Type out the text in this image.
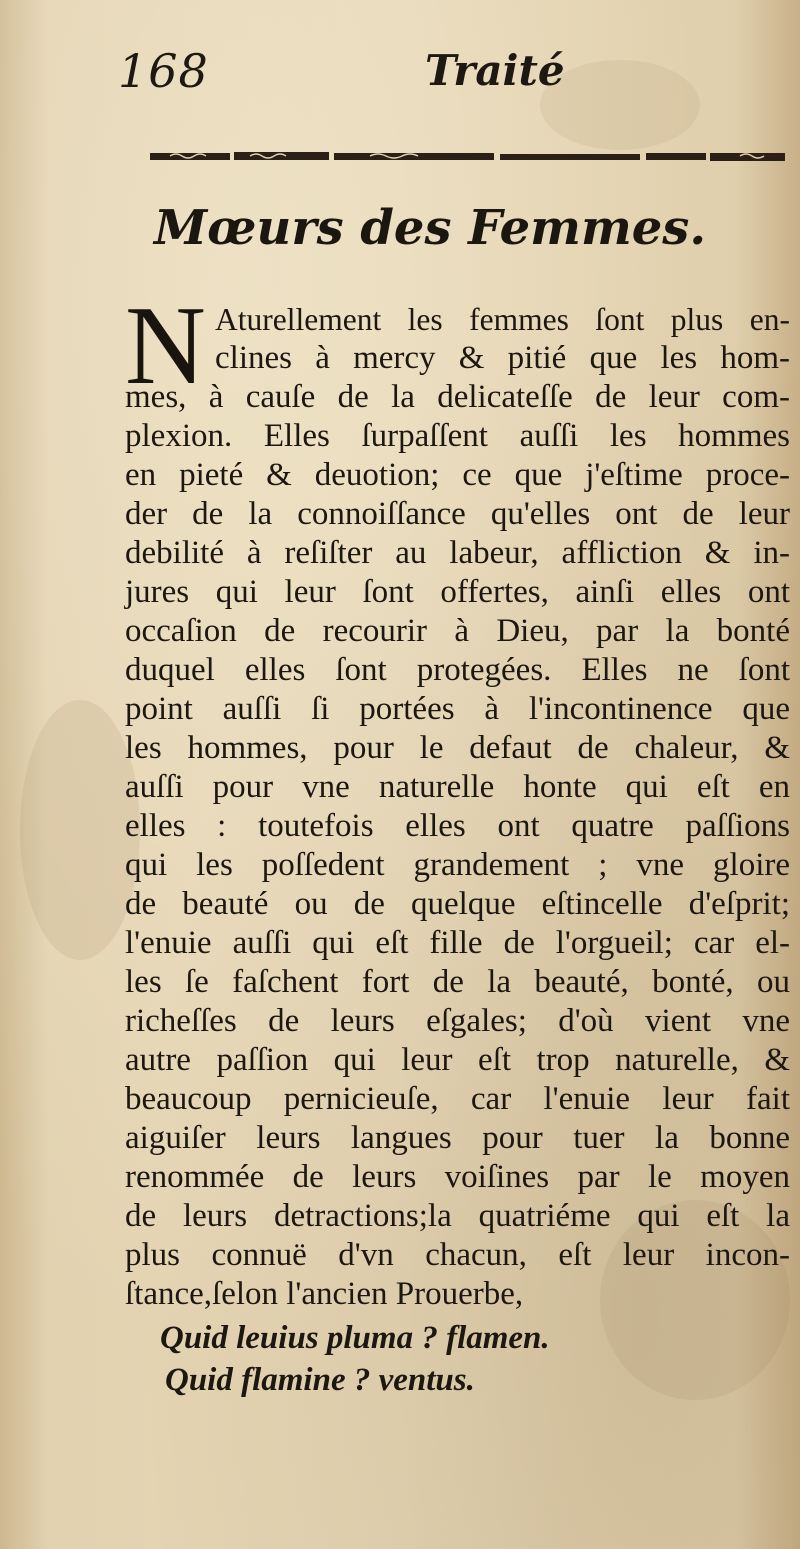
168	Traité
Mœurs des Femmes.
N Aturellement les femmes ſont plus en-
clines à mercy & pitié que les hom-
mes, à cauſe de la delicateſſe de leur com-
plexion. Elles ſurpaſſent auſſi les hommes
en pieté & deuotion; ce que j'eſtime proce-
der de la connoiſſance qu'elles ont de leur
debilité à reſiſter au labeur, affliction & in-
jures qui leur ſont offertes, ainſi elles ont
occaſion de recourir à Dieu, par la bonté
duquel elles ſont protegées. Elles ne ſont
point auſſi ſi portées à l'incontinence que
les hommes, pour le defaut de chaleur, &
auſſi pour vne naturelle honte qui eſt en
elles : toutefois elles ont quatre paſſions
qui les poſſedent grandement ; vne gloire
de beauté ou de quelque eſtincelle d'eſprit;
l'enuie auſſi qui eſt fille de l'orgueil; car el-
les ſe faſchent fort de la beauté, bonté, ou
richeſſes de leurs eſgales; d'où vient vne
autre paſſion qui leur eſt trop naturelle, &
beaucoup pernicieuſe, car l'enuie leur fait
aiguiſer leurs langues pour tuer la bonne
renommée de leurs voiſines par le moyen
de leurs detractions;la quatriéme qui eſt la
plus connuë d'vn chacun, eſt leur incon-
ſtance,ſelon l'ancien Prouerbe,
Quid leuius pluma ? flamen.
Quid flamine ? ventus.
